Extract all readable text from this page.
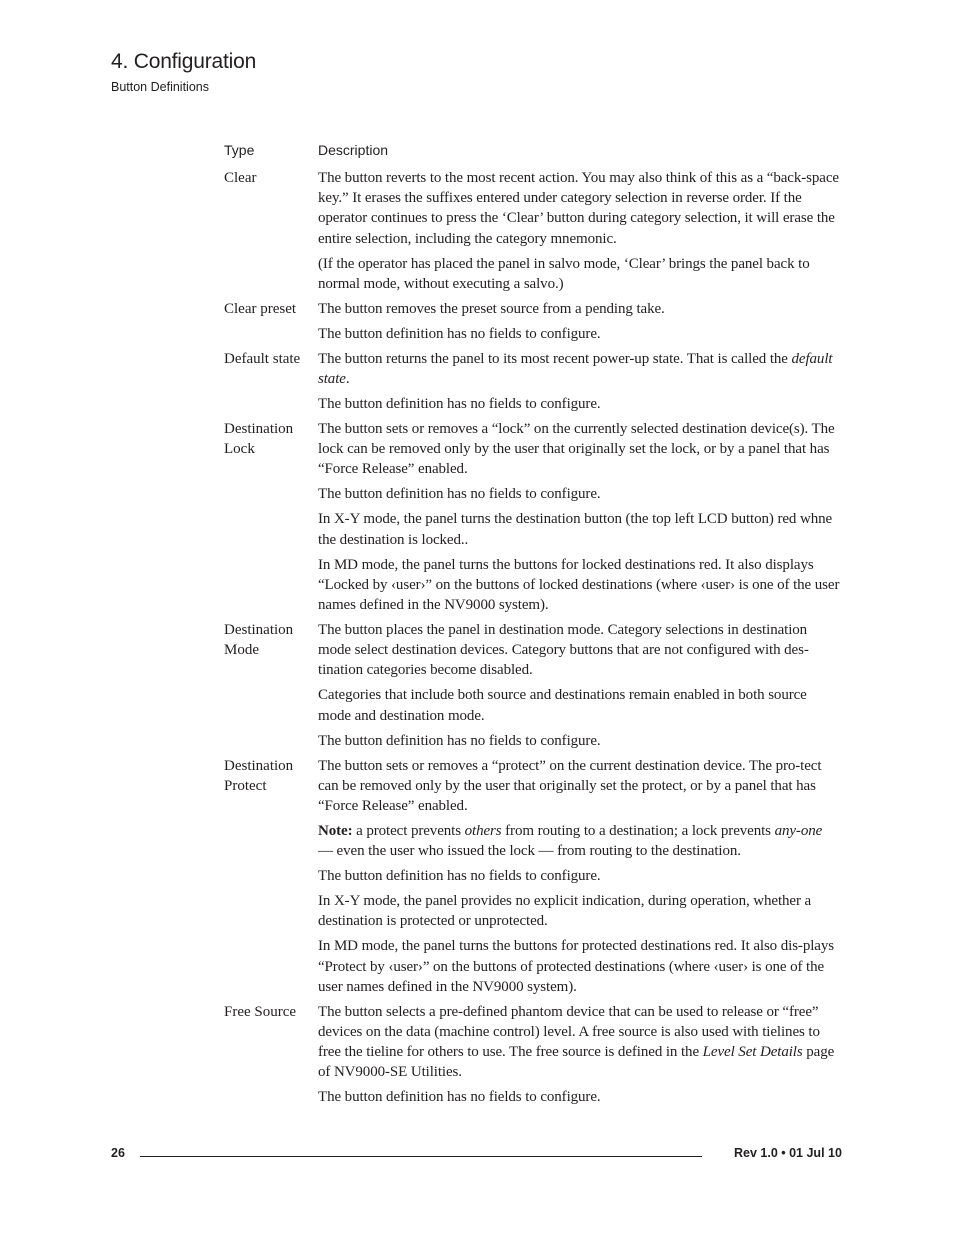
4. Configuration
Button Definitions
Type	Description
Clear	The button reverts to the most recent action. You may also think of this as a “back-space key.” It erases the suffixes entered under category selection in reverse order. If the operator continues to press the ‘Clear’ button during category selection, it will erase the entire selection, including the category mnemonic.

(If the operator has placed the panel in salvo mode, ‘Clear’ brings the panel back to normal mode, without executing a salvo.)

Clear preset	The button removes the preset source from a pending take.

The button definition has no fields to configure.

Default state	The button returns the panel to its most recent power-up state. That is called the default state.

The button definition has no fields to configure.

Destination Lock	The button sets or removes a “lock” on the currently selected destination device(s). The lock can be removed only by the user that originally set the lock, or by a panel that has “Force Release” enabled.

The button definition has no fields to configure.

In X-Y mode, the panel turns the destination button (the top left LCD button) red whne the destination is locked..

In MD mode, the panel turns the buttons for locked destinations red. It also displays “Locked by ‹user›” on the buttons of locked destinations (where ‹user› is one of the user names defined in the NV9000 system).

Destination Mode	The button places the panel in destination mode. Category selections in destination mode select destination devices. Category buttons that are not configured with des-tination categories become disabled.

Categories that include both source and destinations remain enabled in both source mode and destination mode.

The button definition has no fields to configure.

Destination Protect	The button sets or removes a “protect” on the current destination device. The pro-tect can be removed only by the user that originally set the protect, or by a panel that has “Force Release” enabled.

Note: a protect prevents others from routing to a destination; a lock prevents any-one — even the user who issued the lock — from routing to the destination.

The button definition has no fields to configure.

In X-Y mode, the panel provides no explicit indication, during operation, whether a destination is protected or unprotected.

In MD mode, the panel turns the buttons for protected destinations red. It also dis-plays “Protect by ‹user›” on the buttons of protected destinations (where ‹user› is one of the user names defined in the NV9000 system).

Free Source	The button selects a pre-defined phantom device that can be used to release or “free” devices on the data (machine control) level. A free source is also used with tielines to free the tieline for others to use. The free source is defined in the Level Set Details page of NV9000-SE Utilities.

The button definition has no fields to configure.

26	Rev 1.0 • 01 Jul 10
